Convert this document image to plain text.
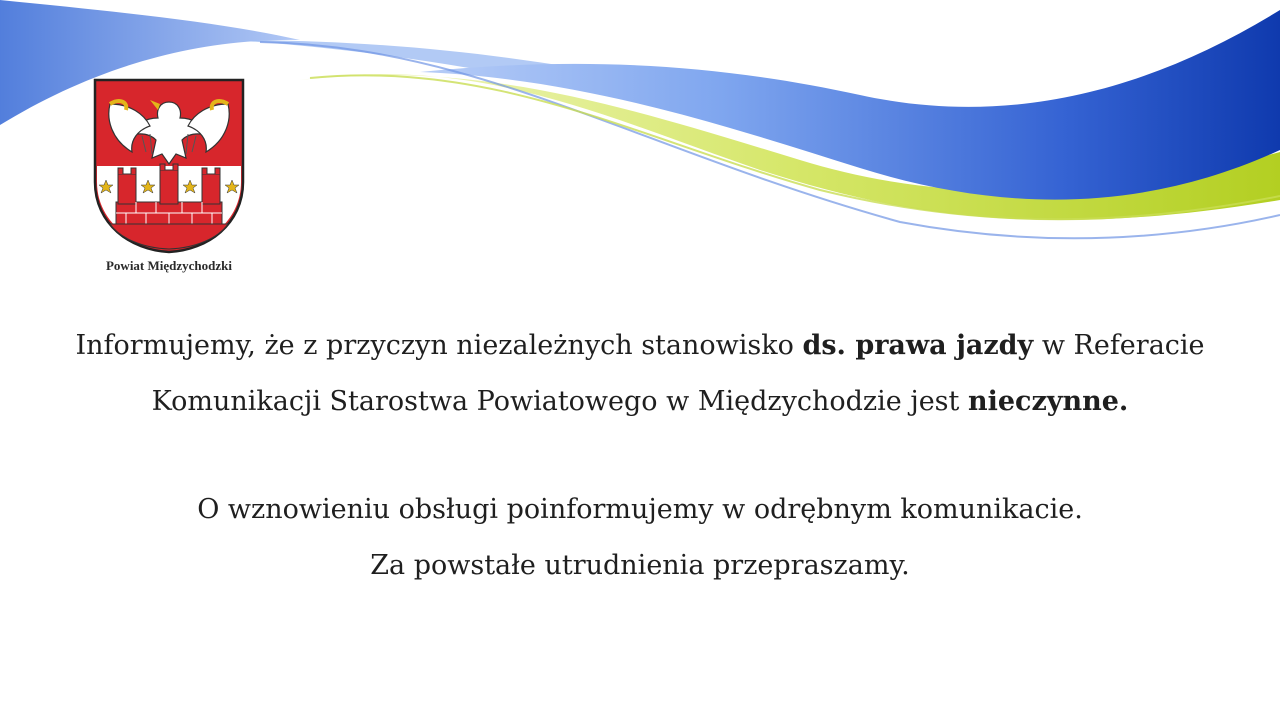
Powiat Międzychodzki

Informujemy, że z przyczyn niezależnych stanowisko ds. prawa jazdy w Referacie Komunikacji Starostwa Powiatowego w Międzychodzie jest nieczynne.

O wznowieniu obsługi poinformujemy w odrębnym komunikacie.

Za powstałe utrudnienia przepraszamy.
